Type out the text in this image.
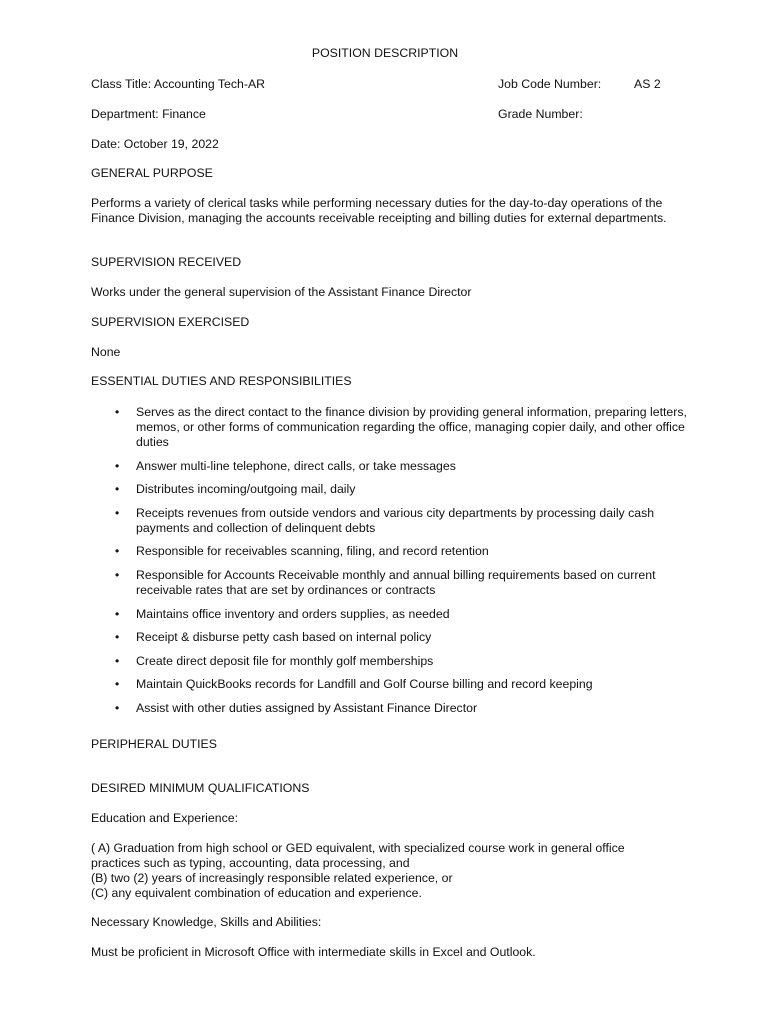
POSITION DESCRIPTION
Class Title: Accounting Tech-AR	Job Code Number:	AS 2
Department: Finance	Grade Number:
Date: October 19, 2022
GENERAL PURPOSE
Performs a variety of clerical tasks while performing necessary duties for the day-to-day operations of the Finance Division, managing the accounts receivable receipting and billing duties for external departments.
SUPERVISION RECEIVED
Works under the general supervision of the Assistant Finance Director
SUPERVISION EXERCISED
None
ESSENTIAL DUTIES AND RESPONSIBILITIES
• Serves as the direct contact to the finance division by providing general information, preparing letters, memos, or other forms of communication regarding the office, managing copier daily, and other office duties
• Answer multi-line telephone, direct calls, or take messages
• Distributes incoming/outgoing mail, daily
• Receipts revenues from outside vendors and various city departments by processing daily cash payments and collection of delinquent debts
• Responsible for receivables scanning, filing, and record retention
• Responsible for Accounts Receivable monthly and annual billing requirements based on current receivable rates that are set by ordinances or contracts
• Maintains office inventory and orders supplies, as needed
• Receipt & disburse petty cash based on internal policy
• Create direct deposit file for monthly golf memberships
• Maintain QuickBooks records for Landfill and Golf Course billing and record keeping
• Assist with other duties assigned by Assistant Finance Director
PERIPHERAL DUTIES
DESIRED MINIMUM QUALIFICATIONS
Education and Experience:
( A) Graduation from high school or GED equivalent, with specialized course work in general office
practices such as typing, accounting, data processing, and
(B) two (2) years of increasingly responsible related experience, or
(C) any equivalent combination of education and experience.
Necessary Knowledge, Skills and Abilities:
Must be proficient in Microsoft Office with intermediate skills in Excel and Outlook.
